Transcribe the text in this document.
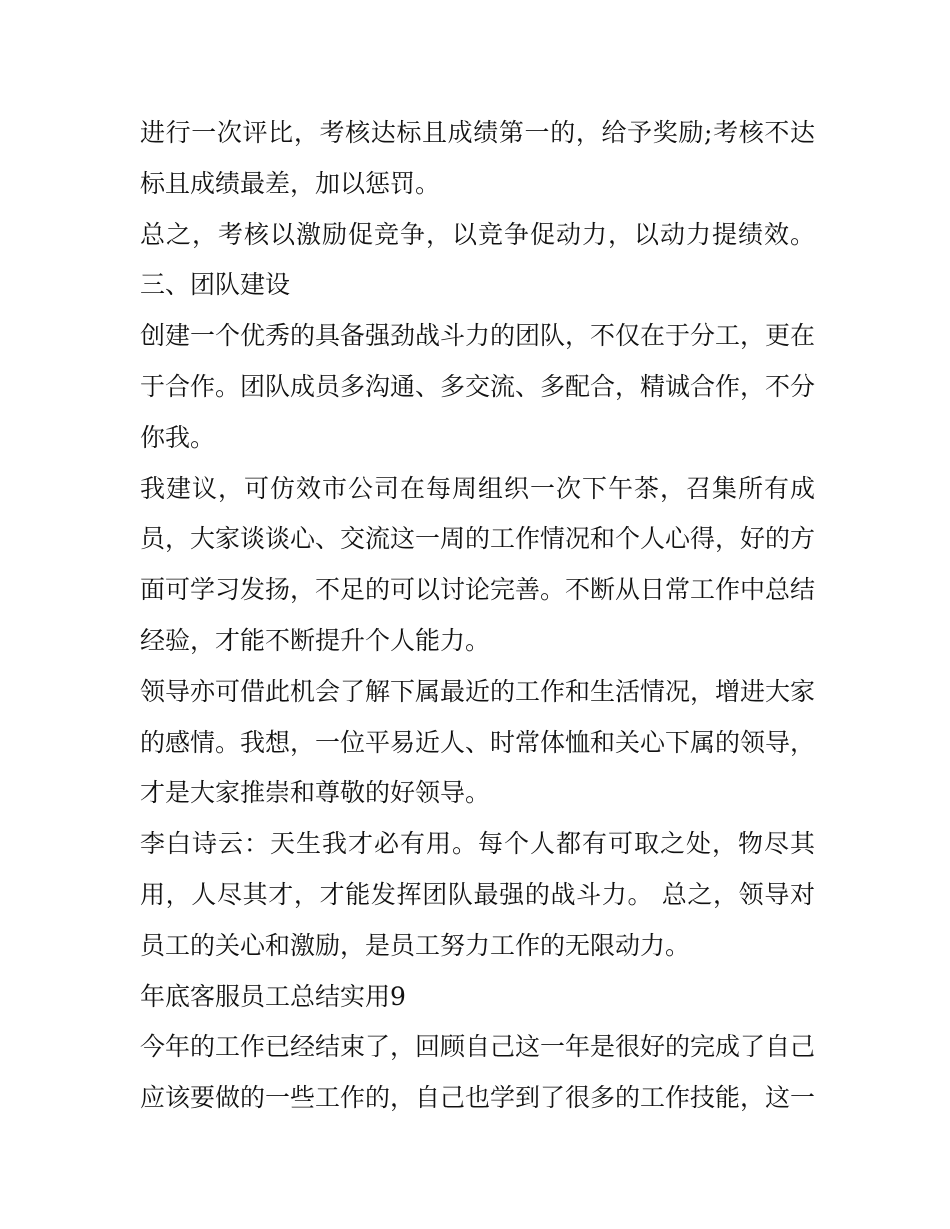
进行一次评比，考核达标且成绩第一的，给予奖励;考核不达
标且成绩最差，加以惩罚。
总之，考核以激励促竞争，以竞争促动力，以动力提绩效。
三、团队建设
创建一个优秀的具备强劲战斗力的团队，不仅在于分工，更在
于合作。团队成员多沟通、多交流、多配合，精诚合作，不分
你我。
我建议，可仿效市公司在每周组织一次下午茶，召集所有成
员，大家谈谈心、交流这一周的工作情况和个人心得，好的方
面可学习发扬，不足的可以讨论完善。不断从日常工作中总结
经验，才能不断提升个人能力。
领导亦可借此机会了解下属最近的工作和生活情况，增进大家
的感情。我想，一位平易近人、时常体恤和关心下属的领导，
才是大家推崇和尊敬的好领导。
李白诗云：天生我才必有用。每个人都有可取之处，物尽其
用，人尽其才，才能发挥团队最强的战斗力。 总之，领导对
员工的关心和激励，是员工努力工作的无限动力。
年底客服员工总结实用9
今年的工作已经结束了，回顾自己这一年是很好的完成了自己
应该要做的一些工作的，自己也学到了很多的工作技能，这一
